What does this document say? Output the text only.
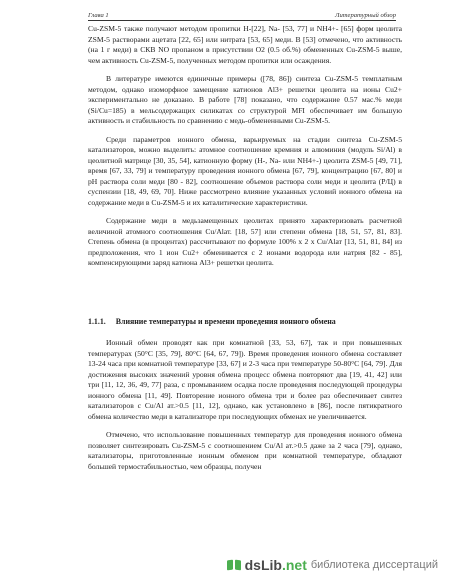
Глава 1	Литературный обзор

Cu-ZSM-5 также получают методом пропитки H-[22], Na- [53, 77] и NH4+- [65] форм цеолита ZSM-5 растворами ацетата [22, 65] или нитрата [53, 65] меди. В [53] отмечено, что активность (на 1 г меди) в СКВ NO пропаном в присутствии O2 (0.5 об.%) обмененных Cu-ZSM-5 выше, чем активность Cu-ZSM-5, полученных методом пропитки или осаждения.

В литературе имеются единичные примеры ([78, 86]) синтеза Cu-ZSM-5 темплатным методом, однако изоморфное замещение катионов Al3+ решетки цеолита на ионы Cu2+ экспериментально не доказано. В работе [78] показано, что содержание 0.57 мас.% меди (Si/Cu=185) в мельсодержащих силикатах со структурой MFI обеспечивает им большую активность и стабильность по сравнению с медь-обмененными Cu-ZSM-5.

Среди параметров ионного обмена, варьируемых на стадии синтеза Cu-ZSM-5 катализаторов, можно выделить: атомное соотношение кремния и алюминия (модуль Si/Al) в цеолитной матрице [30, 35, 54], катионную форму (H-, Na- или NH4+-) цеолита ZSM-5 [49, 71], время [67, 33, 79] и температуру проведения ионного обмена [67, 79], концентрацию [67, 80] и pH раствора соли меди [80 - 82], соотношение объемов раствора соли меди и цеолита (Р/Ц) в суспензии [18, 49, 69, 70]. Ниже рассмотрено влияние указанных условий ионного обмена на содержание меди в Cu-ZSM-5 и их каталитические характеристики.

Содержание меди в медьзамещенных цеолитах принято характеризовать расчетной величиной атомного соотношения Cu/Alат. [18, 57] или степени обмена [18, 51, 57, 81, 83]. Степень обмена (в процентах) рассчитывают по формуле 100% x 2 x Cu/Alат [13, 51, 81, 84] из предположения, что 1 ион Cu2+ обменивается с 2 ионами водорода или натрия [82 - 85], компенсирующими заряд катиона Al3+ решетки цеолита.

1.1.1. Влияние температуры и времени проведения ионного обмена

Ионный обмен проводят как при комнатной [33, 53, 67], так и при повышенных температурах (50°C [35, 79], 80°C [64, 67, 79]). Время проведения ионного обмена составляет 13-24 часа при комнатной температуре [33, 67] и 2-3 часа при температуре 50-80°C [64, 79]. Для достижения высоких значений уровня обмена процесс обмена повторяют два [19, 41, 42] или три [11, 12, 36, 49, 77] раза, с промыванием осадка после проведения последующей процедуры ионного обмена [11, 49]. Повторение ионного обмена три и более раз обеспечивает синтез катализаторов с Cu/Al ат.>0.5 [11, 12], однако, как установлено в [86], после пятикратного обмена количество меди в катализаторе при последующих обменах не увеличивается.

Отмечено, что использование повышенных температур для проведения ионного обмена позволяет синтезировать Cu-ZSM-5 с соотношением Cu/Al ат.>0.5 даже за 2 часа [79], однако, катализаторы, приготовленные ионным обменом при комнатной температуре, обладают большей термостабильностью, чем образцы, получен

dsLib.net библиотека диссертаций
